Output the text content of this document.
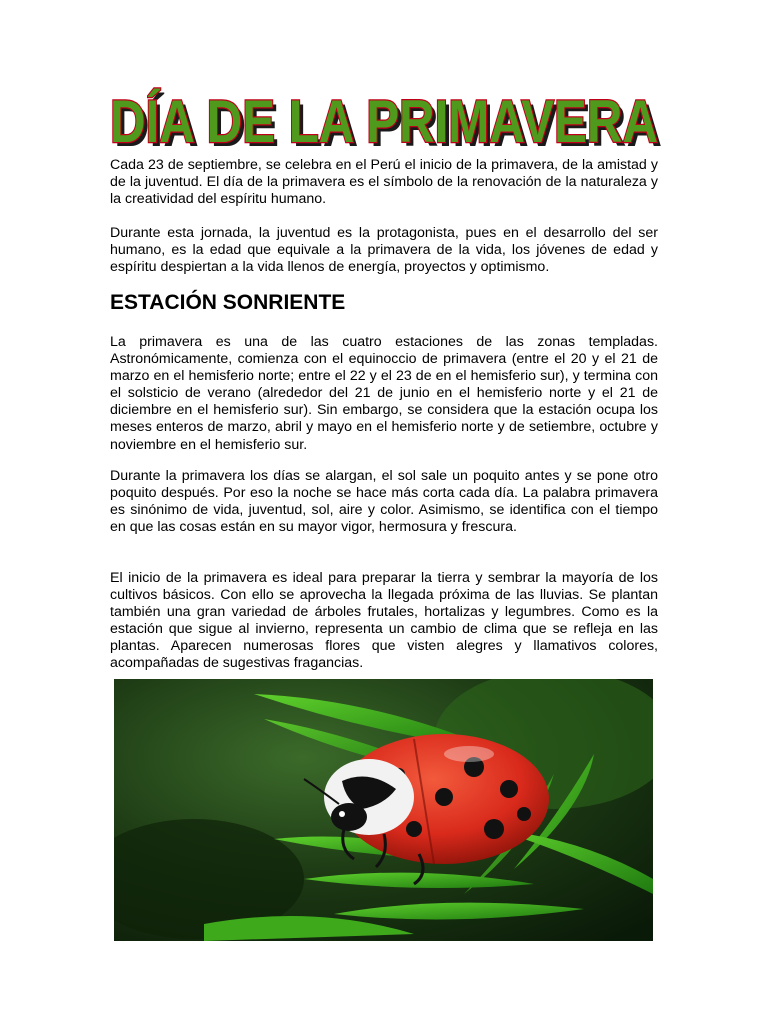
DÍA DE LA PRIMAVERA
DÍA DE LA PRIMAVERA

Cada 23 de septiembre, se celebra en el Perú el inicio de la primavera, de la amistad y de la juventud. El día de la primavera es el símbolo de la renovación de la naturaleza y la creatividad del espíritu humano.

Durante esta jornada, la juventud es la protagonista, pues en el desarrollo del ser humano, es la edad que equivale a la primavera de la vida, los jóvenes de edad y espíritu despiertan a la vida llenos de energía, proyectos y optimismo.

ESTACIÓN SONRIENTE

La primavera es una de las cuatro estaciones de las zonas templadas. Astronómicamente, comienza con el equinoccio de primavera (entre el 20 y el 21 de marzo en el hemisferio norte; entre el 22 y el 23 de en el hemisferio sur), y termina con el solsticio de verano (alrededor del 21 de junio en el hemisferio norte y el 21 de diciembre en el hemisferio sur). Sin embargo, se considera que la estación ocupa los meses enteros de marzo, abril y mayo en el hemisferio norte y de setiembre, octubre y noviembre en el hemisferio sur.

Durante la primavera los días se alargan, el sol sale un poquito antes y se pone otro poquito después. Por eso la noche se hace más corta cada día. La palabra primavera es sinónimo de vida, juventud, sol, aire y color. Asimismo, se identifica con el tiempo en que las cosas están en su mayor vigor, hermosura y frescura.

El inicio de la primavera es ideal para preparar la tierra y sembrar la mayoría de los cultivos básicos. Con ello se aprovecha la llegada próxima de las lluvias. Se plantan también una gran variedad de árboles frutales, hortalizas y legumbres. Como es la estación que sigue al invierno, representa un cambio de clima que se refleja en las plantas. Aparecen numerosas flores que visten alegres y llamativos colores, acompañadas de sugestivas fragancias.
